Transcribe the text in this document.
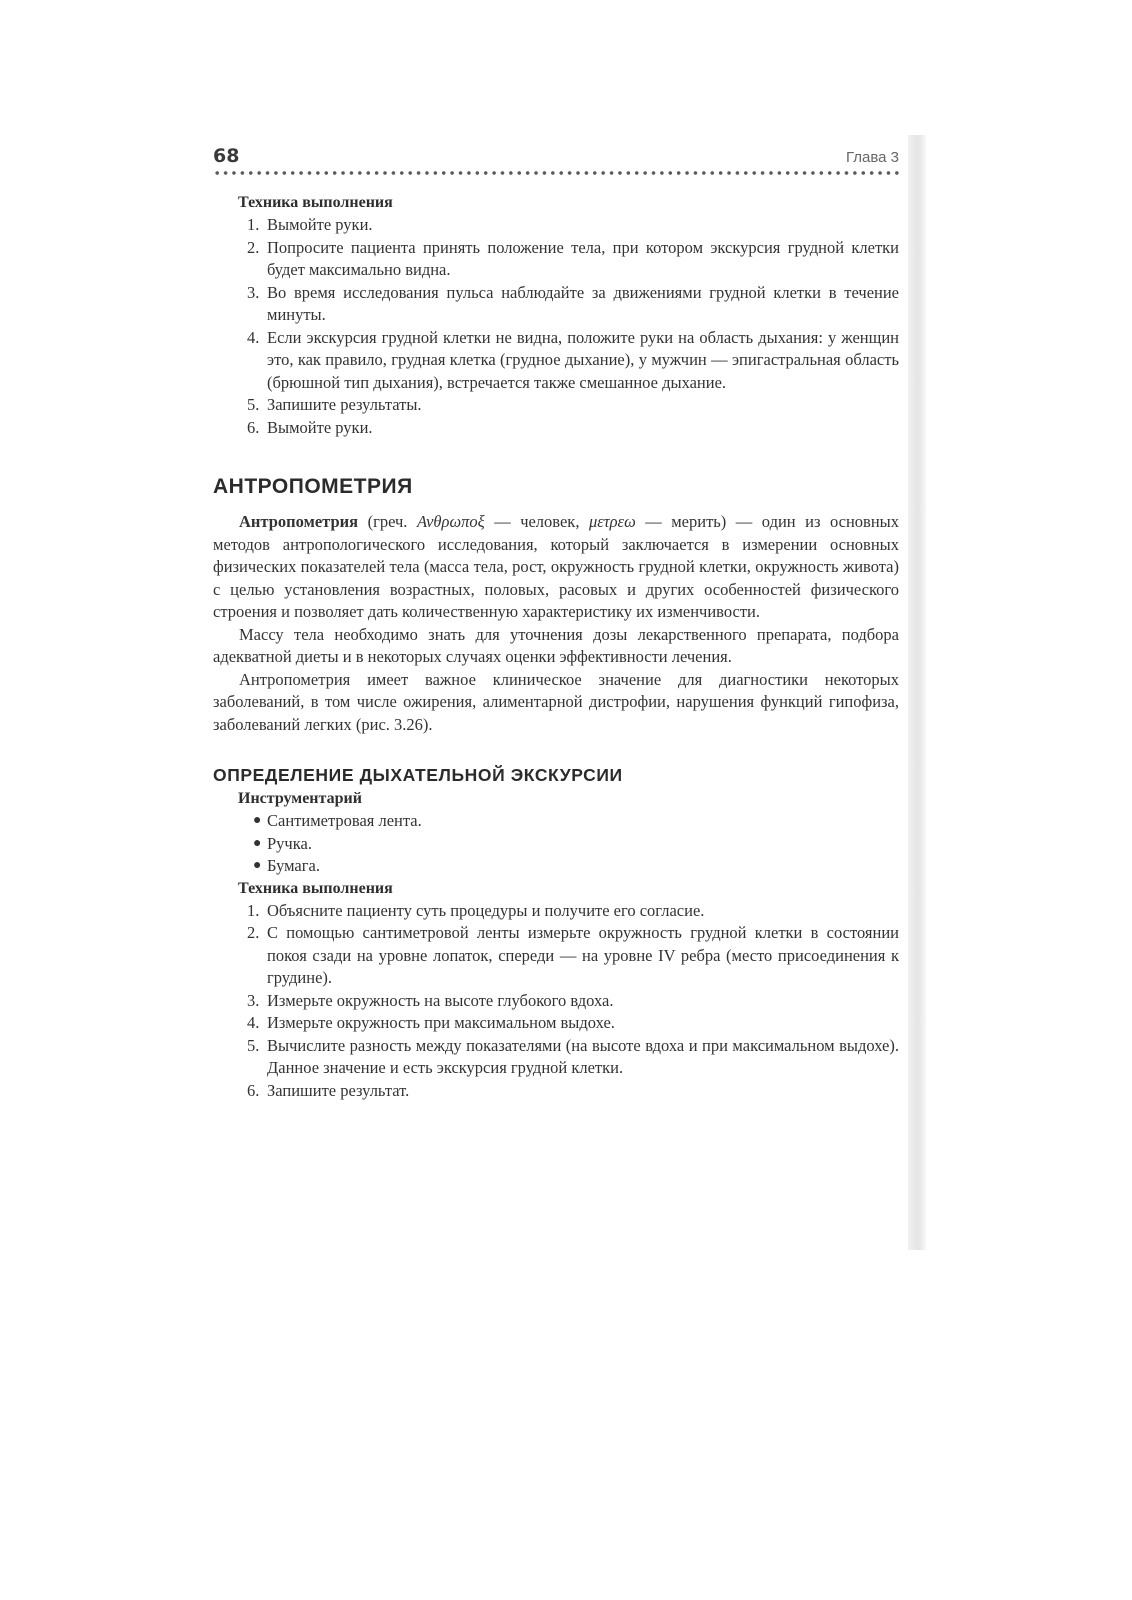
68	Глава 3
Техника выполнения
1. Вымойте руки.
2. Попросите пациента принять положение тела, при котором экскурсия грудной клетки будет максимально видна.
3. Во время исследования пульса наблюдайте за движениями грудной клетки в течение минуты.
4. Если экскурсия грудной клетки не видна, положите руки на область дыхания: у женщин это, как правило, грудная клетка (грудное дыхание), у мужчин — эпигастральная область (брюшной тип дыхания), встречается также смешанное дыхание.
5. Запишите результаты.
6. Вымойте руки.
АНТРОПОМЕТРИЯ

Антропометрия (греч. Ανθρωποξ — человек, μετρεω — мерить) — один из основных методов антропологического исследования, который заключается в измерении основных физических показателей тела (масса тела, рост, окружность грудной клетки, окружность живота) с целью установления возрастных, половых, расовых и других особенностей физического строения и позволяет дать количественную характеристику их изменчивости.

Массу тела необходимо знать для уточнения дозы лекарственного препарата, подбора адекватной диеты и в некоторых случаях оценки эффективности лечения.

Антропометрия имеет важное клиническое значение для диагностики некоторых заболеваний, в том числе ожирения, алиментарной дистрофии, нарушения функций гипофиза, заболеваний легких (рис. 3.26).

ОПРЕДЕЛЕНИЕ ДЫХАТЕЛЬНОЙ ЭКСКУРСИИ
Инструментарий
● Сантиметровая лента.
● Ручка.
● Бумага.
Техника выполнения
1. Объясните пациенту суть процедуры и получите его согласие.
2. С помощью сантиметровой ленты измерьте окружность грудной клетки в состоянии покоя сзади на уровне лопаток, спереди — на уровне IV ребра (место присоединения к грудине).
3. Измерьте окружность на высоте глубокого вдоха.
4. Измерьте окружность при максимальном выдохе.
5. Вычислите разность между показателями (на высоте вдоха и при максимальном выдохе). Данное значение и есть экскурсия грудной клетки.
6. Запишите результат.
